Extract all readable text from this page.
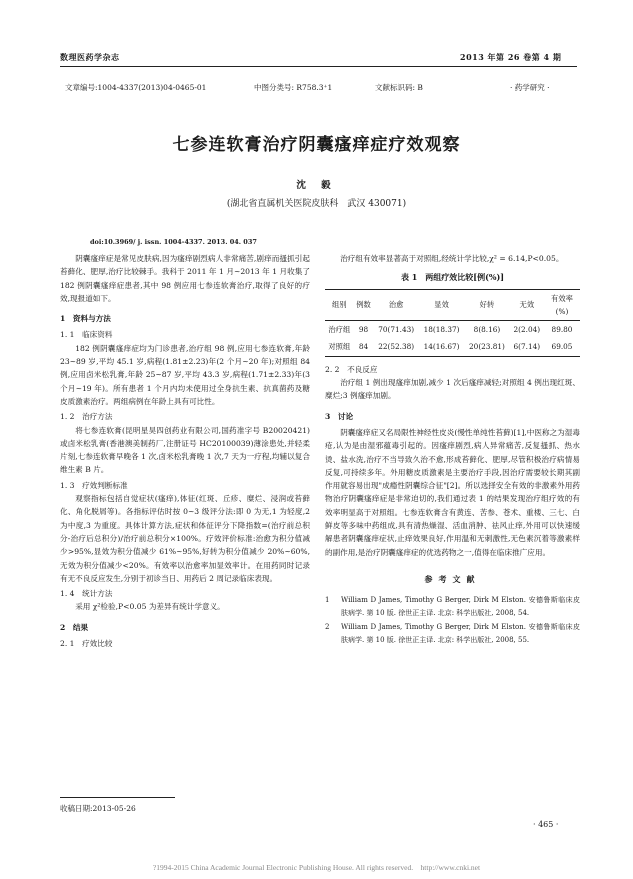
数理医药学杂志	2013 年第 26 卷第 4 期
文章编号:1004-4337(2013)04-0465-01	中图分类号: R758.3⁺1	文献标识码: B	· 药学研究 ·
七参连软膏治疗阴囊瘙痒症疗效观察
沈 毅
(湖北省直属机关医院皮肤科　武汉 430071)
doi:10.3969/ j. issn. 1004-4337. 2013. 04. 037

阴囊瘙痒症是常见皮肤病,因为瘙痒剧烈病人非常痛苦,剧痒而搔抓引起苔藓化、肥厚,治疗比较棘手。我科于 2011 年 1 月~2013 年 1 月收集了 182 例阴囊瘙痒症患者,其中 98 例应用七参连软膏治疗,取得了良好的疗效,现报道如下。

1　资料与方法
1. 1　临床资料

182 例阴囊瘙痒症均为门诊患者,治疗组 98 例,应用七参连软膏,年龄 23~89 岁,平均 45.1 岁,病程(1.81±2.23)年(2 个月~20 年);对照组 84 例,应用卤米松乳膏,年龄 25~87 岁,平均 43.3 岁,病程(1.71±2.33)年(3 个月~19 年)。所有患者 1 个月内均未使用过全身抗生素、抗真菌药及糖皮质激素治疗。两组病例在年龄上具有可比性。

1. 2　治疗方法

将七参连软膏(昆明星昊四创药业有限公司,国药准字号 B20020421)或卤米松乳膏(香港澳美制药厂,注册证号 HC20100039)薄涂患处,并轻柔片刻,七参连软膏早晚各 1 次,卤米松乳膏晚 1 次,7 天为一疗程,均辅以复合维生素 B 片。

1. 3　疗效判断标准

观察指标包括自觉症状(瘙痒),体征(红斑、丘疹、糜烂、浸润或苔藓化、角化脱屑等)。各指标评估时按 0~3 级评分法:即 0 为无,1 为轻度,2 为中度,3 为重度。具体计算方法,症状和体征评分下降指数=(治疗前总积分-治疗后总积分)/治疗前总积分×100%。疗效评价标准:治愈为积分值减少>95%,显效为积分值减少 61%~95%,好转为积分值减少 20%~60%,无效为积分值减少<20%。有效率以治愈率加显效率计。在用药同时记录有无不良反应发生,分别于初诊当日、用药后 2 周记录临床表现。

1. 4　统计方法

采用 χ²检验,P<0.05 为差异有统计学意义。

2　结果
2. 1　疗效比较

治疗组有效率显著高于对照组,经统计学比较,χ² = 6.14,P<0.05。

表 1　两组疗效比较[例(%)]
组别	例数	治愈	显效	好转	无效	有效率(%)
治疗组	98	70(71.43)	18(18.37)	8(8.16)	2(2.04)	89.80
对照组	84	22(52.38)	14(16.67)	20(23.81)	6(7.14)	69.05
2. 2　不良反应

治疗组 1 例出现瘙痒加剧,减少 1 次后瘙痒减轻;对照组 4 例出现红斑、糜烂;3 例瘙痒加剧。

3　讨论

阴囊瘙痒症又名局限性神经性皮炎(慢性单纯性苔藓)[1],中医称之为湿毒疮,认为是由湿邪蕴毒引起的。因瘙痒剧烈,病人异常痛苦,反复搔抓、热水烫、盐水洗,治疗不当导致久治不愈,形成苔藓化、肥厚,尽管积极治疗病情易反复,可持续多年。外用糖皮质激素是主要治疗手段,因治疗需要较长期其副作用就容易出现"成瘾性阴囊综合征"[2]。所以选择安全有效的非激素外用药物治疗阴囊瘙痒症是非常迫切的,我们通过表 1 的结果发现治疗组疗效的有效率明显高于对照组。七参连软膏含有黄连、苦参、苍术、重楼、三七、白鲜皮等多味中药组成,具有清热燥湿、活血消肿、祛风止痒,外用可以快速缓解患者阴囊瘙痒症状,止痒效果良好,作用温和无刺激性,无色素沉着等激素样的副作用,是治疗阴囊瘙痒症的优选药物之一,值得在临床推广应用。

参考文献
1	William D James, Timothy G Berger, Dirk M Elston. 安德鲁斯临床皮肤病学. 第 10 版. 徐世正主译. 北京: 科学出版社, 2008, 54.
2	William D James, Timothy G Berger, Dirk M Elston. 安德鲁斯临床皮肤病学. 第 10 版. 徐世正主译. 北京: 科学出版社, 2008, 55.
收稿日期:2013-05-26
· 465 ·
?1994-2015 China Academic Journal Electronic Publishing House. All rights reserved.　http://www.cnki.net
